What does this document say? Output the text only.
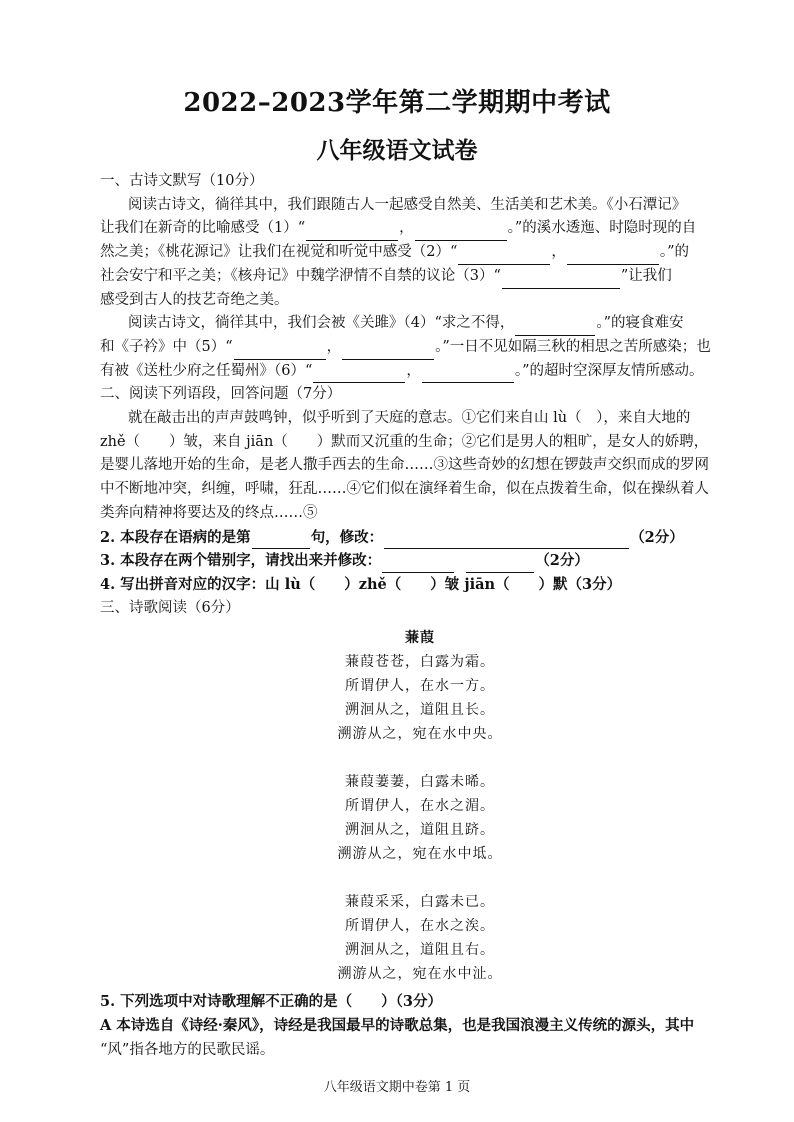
2022–2023学年第二学期期中考试
八年级语文试卷
一、古诗文默写（10分）
阅读古诗文，徜徉其中，我们跟随古人一起感受自然美、生活美和艺术美。《小石潭记》
让我们在新奇的比喻感受（1）“	，	。”的溪水透迤、时隐时现的自
然之美；《桃花源记》让我们在视觉和听觉中感受（2）“	，	。”的
社会安宁和平之美；《核舟记》中魏学洢情不自禁的议论（3）“	”让我们
感受到古人的技艺奇绝之美。
阅读古诗文，徜徉其中，我们会被《关雎》（4）“求之不得，	。”的寝食难安
和《子衿》中（5）“	，	。”一日不见如隔三秋的相思之苦所感染；也
有被《送杜少府之任蜀州》（6）“	，	。”的超时空深厚友情所感动。
二、阅读下列语段，回答问题（7分）
就在敲击出的声声鼓鸣钟，似乎听到了天庭的意志。①它们来自山 lù（　），来自大地的
zhě（　　）皱，来自 jiān（　　）默而又沉重的生命；②它们是男人的粗旷，是女人的娇聘，
是婴儿落地开始的生命，是老人撒手西去的生命……③这些奇妙的幻想在锣鼓声交织而成的罗网
中不断地冲突，纠缠，呼啸，狂乱……④它们似在演绎着生命，似在点拨着生命，似在操纵着人
类奔向精神将要达及的终点……⑤
2. 本段存在语病的是第	句，修改：	（2分）
3. 本段存在两个错别字，请找出来并修改：	（2分）
4. 写出拼音对应的汉字：山 lù（　　）zhě（　　）皱 jiān（　　）默（3分）
三、诗歌阅读（6分）
蒹葭
蒹葭苍苍，白露为霜。
所谓伊人，在水一方。
溯洄从之，道阻且长。
溯游从之，宛在水中央。
蒹葭萋萋，白露未晞。
所谓伊人，在水之湄。
溯洄从之，道阻且跻。
溯游从之，宛在水中坻。
蒹葭采采，白露未已。
所谓伊人，在水之涘。
溯洄从之，道阻且右。
溯游从之，宛在水中沚。
5. 下列选项中对诗歌理解不正确的是（　　）（3分）
A 本诗选自《诗经·秦风》，诗经是我国最早的诗歌总集，也是我国浪漫主义传统的源头，其中
“风”指各地方的民歌民谣。
八年级语文期中卷第 1 页
